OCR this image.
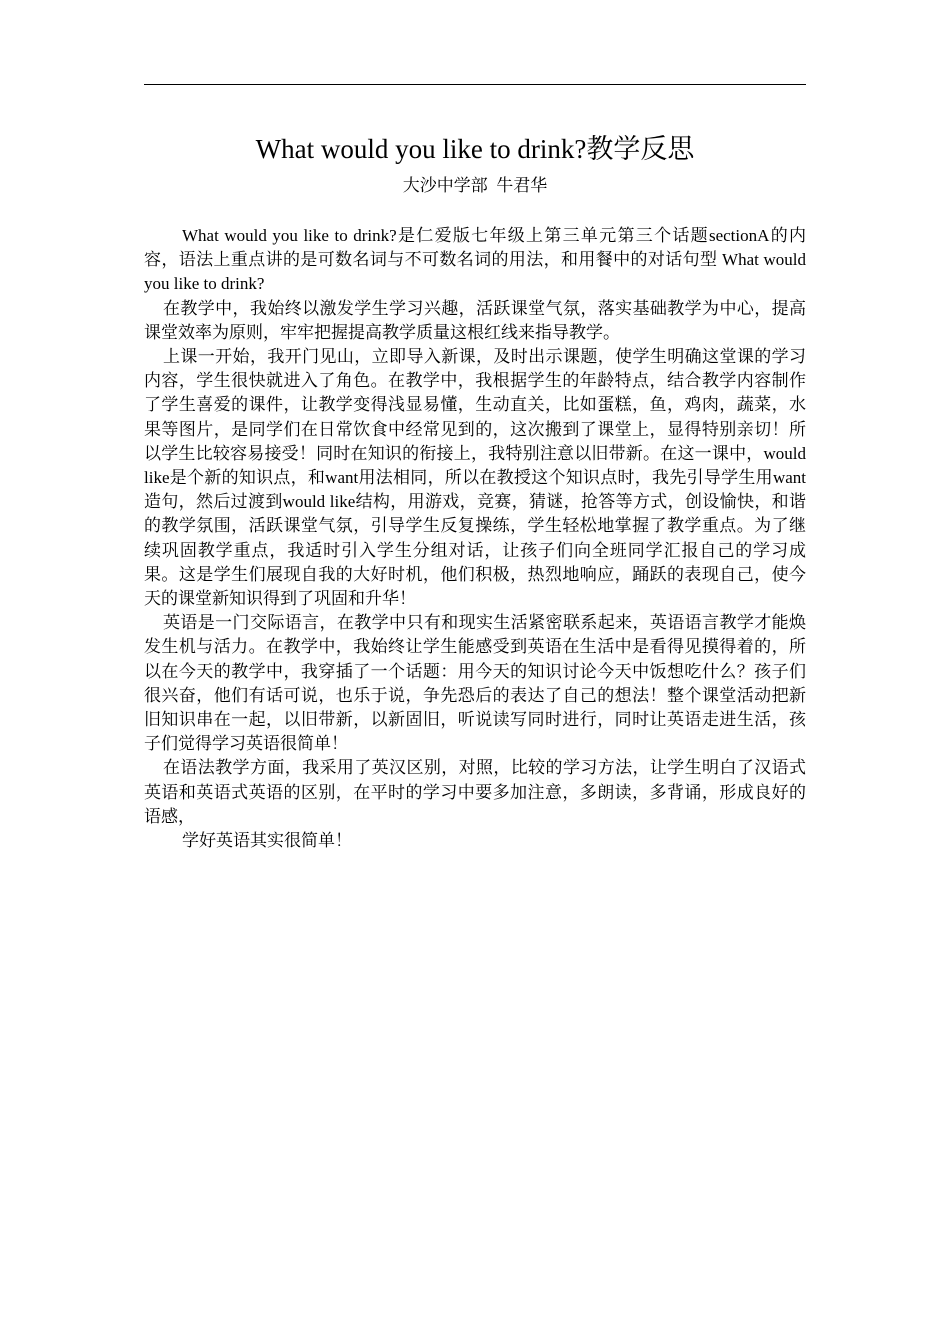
What would you like to drink?教学反思
大沙中学部  牛君华

What would you like to drink?是仁爱版七年级上第三单元第三个话题sectionA的内容，语法上重点讲的是可数名词与不可数名词的用法，和用餐中的对话句型 What would you like to drink?

在教学中，我始终以激发学生学习兴趣，活跃课堂气氛，落实基础教学为中心，提高课堂效率为原则，牢牢把握提高教学质量这根红线来指导教学。

上课一开始，我开门见山，立即导入新课，及时出示课题，使学生明确这堂课的学习内容，学生很快就进入了角色。在教学中，我根据学生的年龄特点，结合教学内容制作了学生喜爱的课件，让教学变得浅显易懂，生动直关，比如蛋糕，鱼，鸡肉，蔬菜，水果等图片，是同学们在日常饮食中经常见到的，这次搬到了课堂上，显得特别亲切！所以学生比较容易接受！同时在知识的衔接上，我特别注意以旧带新。在这一课中，would like是个新的知识点，和want用法相同，所以在教授这个知识点时，我先引导学生用want造句，然后过渡到would like结构，用游戏，竞赛，猜谜，抢答等方式，创设愉快，和谐的教学氛围，活跃课堂气氛，引导学生反复操练，学生轻松地掌握了教学重点。为了继续巩固教学重点，我适时引入学生分组对话，让孩子们向全班同学汇报自己的学习成果。这是学生们展现自我的大好时机，他们积极，热烈地响应，踊跃的表现自己，使今天的课堂新知识得到了巩固和升华！

英语是一门交际语言，在教学中只有和现实生活紧密联系起来，英语语言教学才能焕发生机与活力。在教学中，我始终让学生能感受到英语在生活中是看得见摸得着的，所以在今天的教学中，我穿插了一个话题：用今天的知识讨论今天中饭想吃什么？孩子们很兴奋，他们有话可说，也乐于说，争先恐后的表达了自己的想法！整个课堂活动把新旧知识串在一起，以旧带新，以新固旧，听说读写同时进行，同时让英语走进生活，孩子们觉得学习英语很简单！

在语法教学方面，我采用了英汉区别，对照，比较的学习方法，让学生明白了汉语式 英语和英语式英语的区别，在平时的学习中要多加注意，多朗读，多背诵，形成良好的语感，

学好英语其实很简单！
